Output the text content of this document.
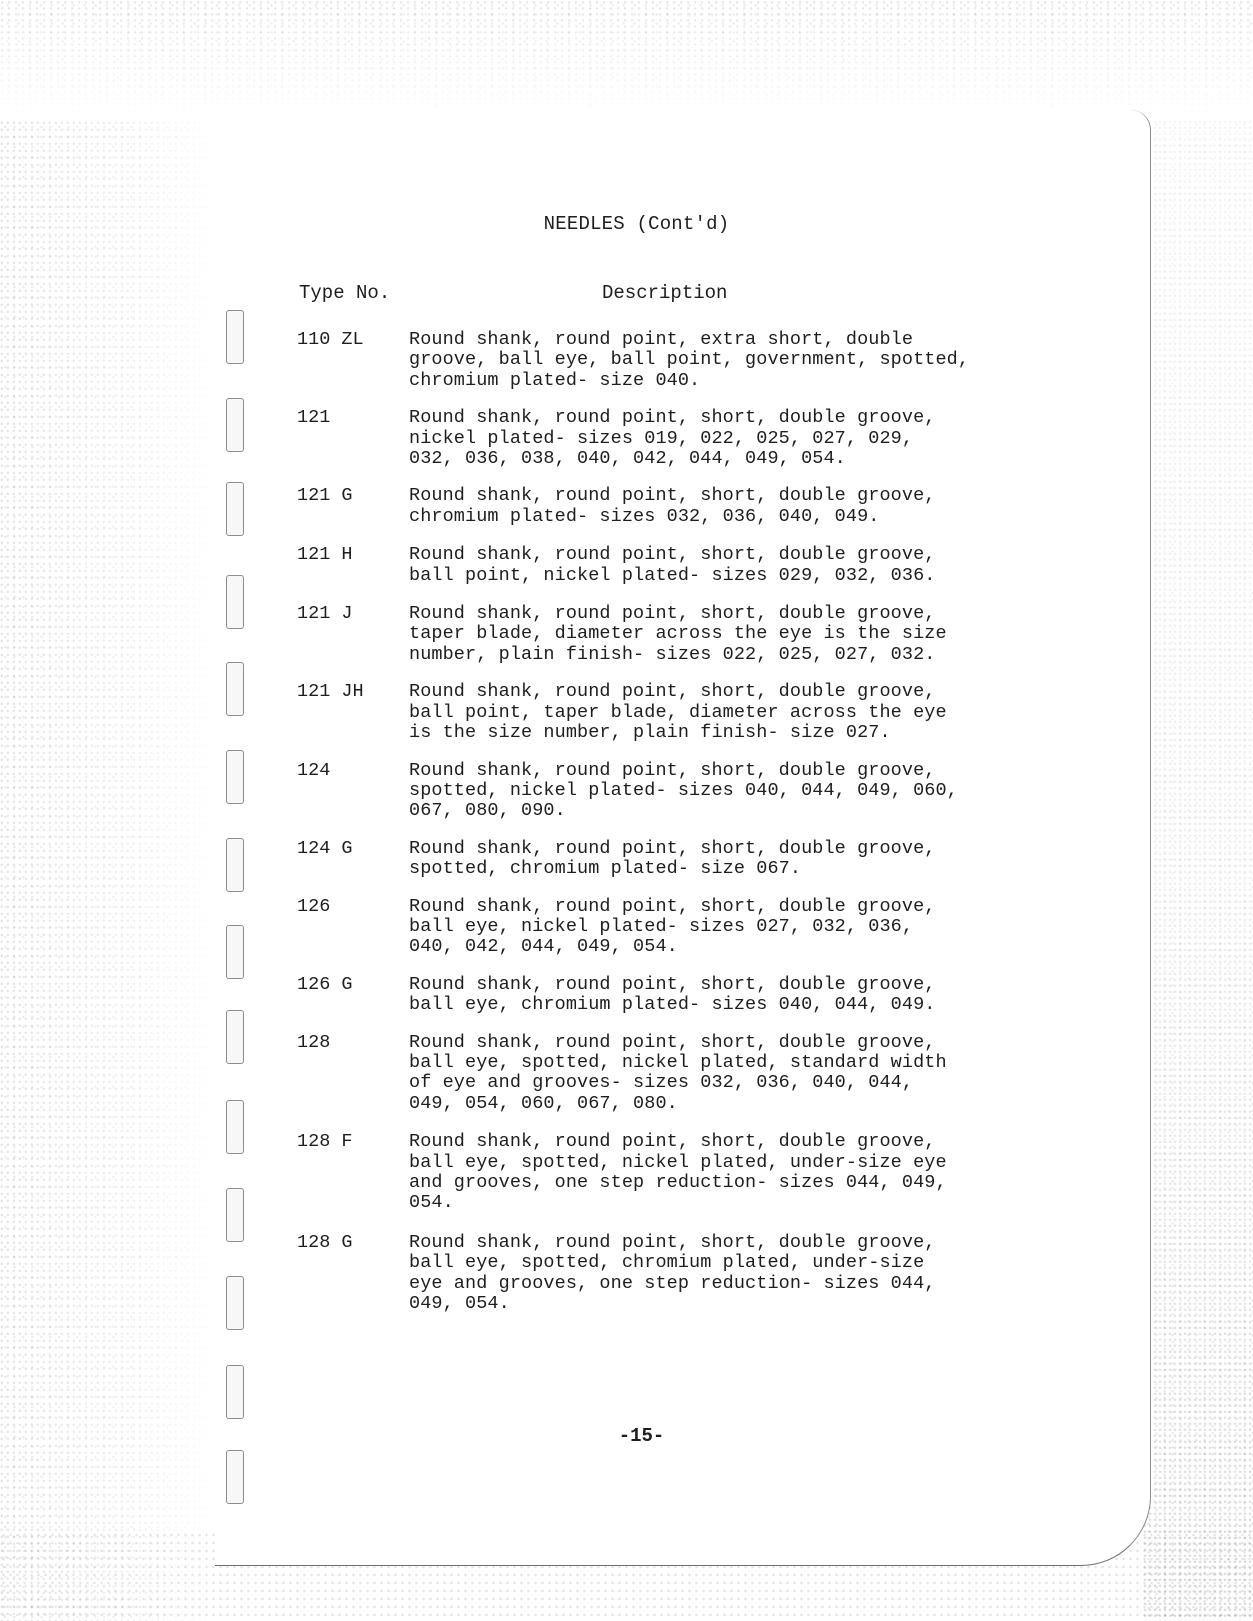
NEEDLES (Cont'd)
Type No.	Description
110 ZL	Round shank, round point, extra short, double
groove, ball eye, ball point, government, spotted,
chromium plated- size 040.
121	Round shank, round point, short, double groove,
nickel plated- sizes 019, 022, 025, 027, 029,
032, 036, 038, 040, 042, 044, 049, 054.
121 G	Round shank, round point, short, double groove,
chromium plated- sizes 032, 036, 040, 049.
121 H	Round shank, round point, short, double groove,
ball point, nickel plated- sizes 029, 032, 036.
121 J	Round shank, round point, short, double groove,
taper blade, diameter across the eye is the size
number, plain finish- sizes 022, 025, 027, 032.
121 JH	Round shank, round point, short, double groove,
ball point, taper blade, diameter across the eye
is the size number, plain finish- size 027.
124	Round shank, round point, short, double groove,
spotted, nickel plated- sizes 040, 044, 049, 060,
067, 080, 090.
124 G	Round shank, round point, short, double groove,
spotted, chromium plated- size 067.
126	Round shank, round point, short, double groove,
ball eye, nickel plated- sizes 027, 032, 036,
040, 042, 044, 049, 054.
126 G	Round shank, round point, short, double groove,
ball eye, chromium plated- sizes 040, 044, 049.
128	Round shank, round point, short, double groove,
ball eye, spotted, nickel plated, standard width
of eye and grooves- sizes 032, 036, 040, 044,
049, 054, 060, 067, 080.
128 F	Round shank, round point, short, double groove,
ball eye, spotted, nickel plated, under-size eye
and grooves, one step reduction- sizes 044, 049,
054.
128 G	Round shank, round point, short, double groove,
ball eye, spotted, chromium plated, under-size
eye and grooves, one step reduction- sizes 044,
049, 054.
-15-
